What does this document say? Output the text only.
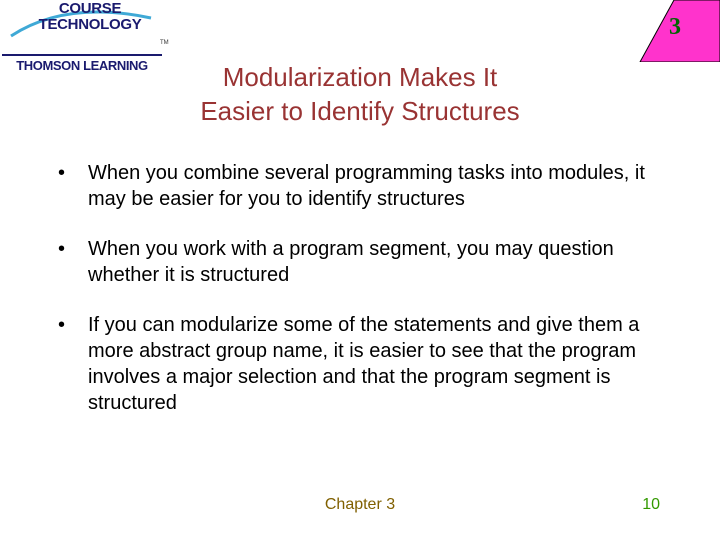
COURSE
TECHNOLOGY
TM
THOMSON LEARNING
3
Modularization Makes It
Easier to Identify Structures
• When you combine several programming tasks into modules, it may be easier for you to identify structures
• When you work with a program segment, you may question whether it is structured
• If you can modularize some of the statements and give them a more abstract group name, it is easier to see that the program involves a major selection and that the program segment is structured
Chapter 3	10
